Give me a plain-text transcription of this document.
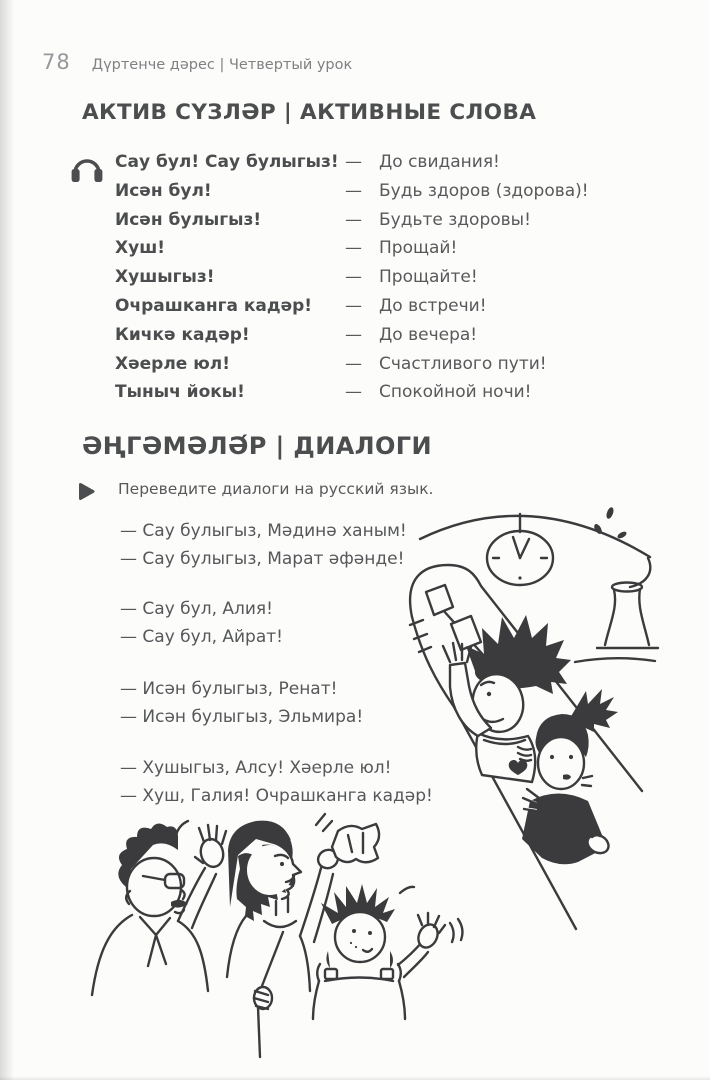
78 Дүртенче дәрес | Четвертый урок
АКТИВ СҮЗЛӘР | АКТИВНЫЕ СЛОВА
Сау бул! Сау булыгыз! —	До свидания!
Исән бул!	—	Будь здоров (здорова)!
Исән булыгыз!	—	Будьте здоровы!
Хуш!	—	Прощай!
Хушыгыз!	—	Прощайте!
Очрашканга кадәр!	—	До встречи!
Кичкә кадәр!	—	До вечера!
Хәерле юл!	—	Счастливого пути!
Тыныч йокы!	—	Спокойной ночи!
ӘҢГӘМӘЛӘ́Р | ДИАЛОГИ
Переведите диалоги на русский язык.
— Сау булыгыз, Мәдинә ханым!
— Сау булыгыз, Марат әфәнде!
— Сау бул, Алия!
— Сау бул, Айрат!
— Исән булыгыз, Ренат!
— Исән булыгыз, Эльмира!
— Хушыгыз, Алсу! Хәерле юл!
— Хуш, Галия! Очрашканга кадәр!
